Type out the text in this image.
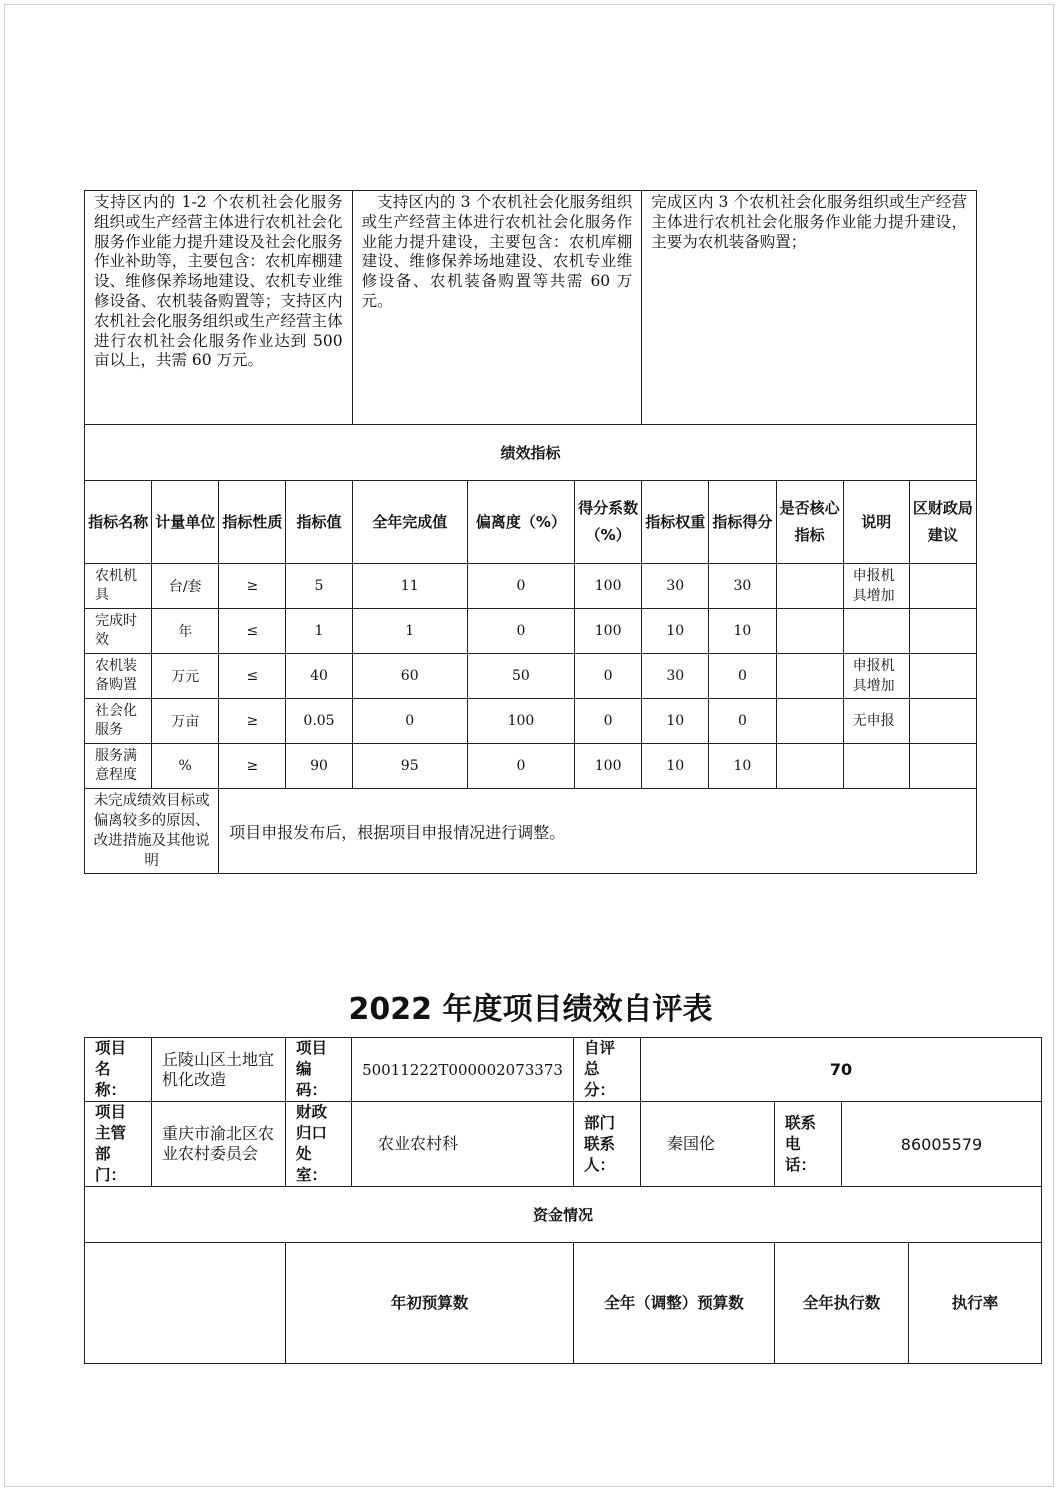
支持区内的 1-2 个农机社会化服务组织或生产经营主体进行农机社会化服务作业能力提升建设及社会化服务作业补助等，主要包含：农机库棚建设、维修保养场地建设、农机专业维修设备、农机装备购置等；支持区内农机社会化服务组织或生产经营主体进行农机社会化服务作业达到 500 亩以上，共需 60 万元。				支持区内的 3 个农机社会化服务组织或生产经营主体进行农机社会化服务作业能力提升建设，主要包含：农机库棚建设、维修保养场地建设、农机专业维修设备、农机装备购置等共需 60 万元。			完成区内 3 个农机社会化服务组织或生产经营主体进行农机社会化服务作业能力提升建设，主要为农机装备购置；				
绩效指标											
指标名称	计量单位	指标性质	指标值	全年完成值	偏离度（%）	得分系数（%）	指标权重	指标得分	是否核心指标	说明	区财政局建议
农机机具	台/套	≥	5	11	0	100	30	30		申报机具增加	
完成时效	年	≤	1	1	0	100	10	10			
农机装备购置	万元	≤	40	60	50	0	30	0		申报机具增加	
社会化服务	万亩	≥	0.05	0	100	0	10	0		无申报	
服务满意程度	%	≥	90	95	0	100	10	10			
未完成绩效目标或偏离较多的原因、改进措施及其他说明		项目申报发布后，根据项目申报情况进行调整。									
2022 年度项目绩效自评表
项目名称：	丘陵山区土地宜机化改造	项目编码：	50011222T000002073373	自评总分：	70				
项目主管部门：	重庆市渝北区农业农村委员会	财政归口处室：	农业农村科	部门联系人：	秦国伦	联系电话：	86005579		
资金情况									
		年初预算数		全年（调整）预算数		全年执行数		执行率		
